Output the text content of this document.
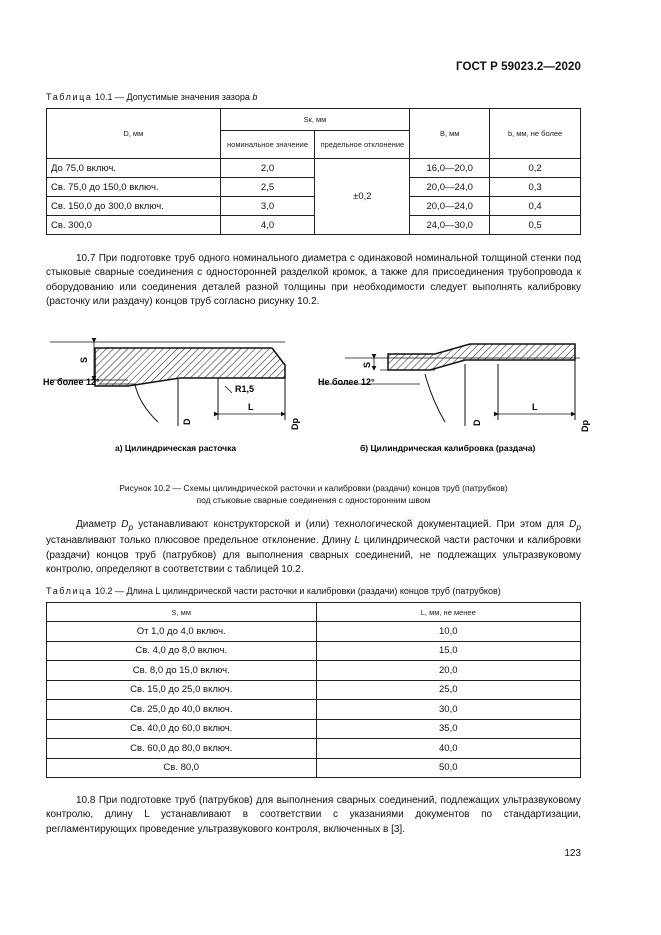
ГОСТ Р 59023.2—2020
Таблица 10.1 — Допустимые значения зазора b
D, мм	Sк, мм		B, мм	b, мм, не более
	номинальное значение	предельное отклонение		
До 75,0 включ.	2,0	±0,2	16,0—20,0	0,2
Св. 75,0 до 150,0 включ.	2,5		20,0—24,0	0,3
Св. 150,0 до 300,0 включ.	3,0		20,0—24,0	0,4
Св. 300,0	4,0		24,0—30,0	0,5

10.7 При подготовке труб одного номинального диаметра с одинаковой номинальной толщиной стенки под стыковые сварные соединения с односторонней разделкой кромок, а также для присоединения трубопровода к оборудованию или соединения деталей разной толщины при необходимости следует выполнять калибровку (расточку или раздачу) концов труб согласно рисунку 10.2.

S
Не более 12°
R1,5
L
D	Dp
а) Цилиндрическая расточка
S
Не более 12°
L
D	Dp
б) Цилиндрическая калибровка (раздача)
Рисунок 10.2 — Схемы цилиндрической расточки и калибровки (раздачи) концов труб (патрубков)
под стыковые сварные соединения с односторонним швом

Диаметр $D_p$ устанавливают конструкторской и (или) технологической документацией. При этом для $D_p$ устанавливают только плюсовое предельное отклонение. Длину L цилиндрической части расточки и калибровки (раздачи) концов труб (патрубков) для выполнения сварных соединений, не подлежащих ультразвуковому контролю, определяют в соответствии с таблицей 10.2.

Таблица 10.2 — Длина L цилиндрической части расточки и калибровки (раздачи) концов труб (патрубков)
S, мм	L, мм, не менее
От 1,0 до 4,0 включ.	10,0
Св. 4,0 до 8,0 включ.	15,0
Св. 8,0 до 15,0 включ.	20,0
Св. 15,0 до 25,0 включ.	25,0
Св. 25,0 до 40,0 включ.	30,0
Св. 40,0 до 60,0 включ.	35,0
Св. 60,0 до 80,0 включ.	40,0
Св. 80,0	50,0

10.8 При подготовке труб (патрубков) для выполнения сварных соединений, подлежащих ультразвуковому контролю, длину L устанавливают в соответствии с указаниями документов по стандартизации, регламентирующих проведение ультразвукового контроля, включенных в [3].

123
